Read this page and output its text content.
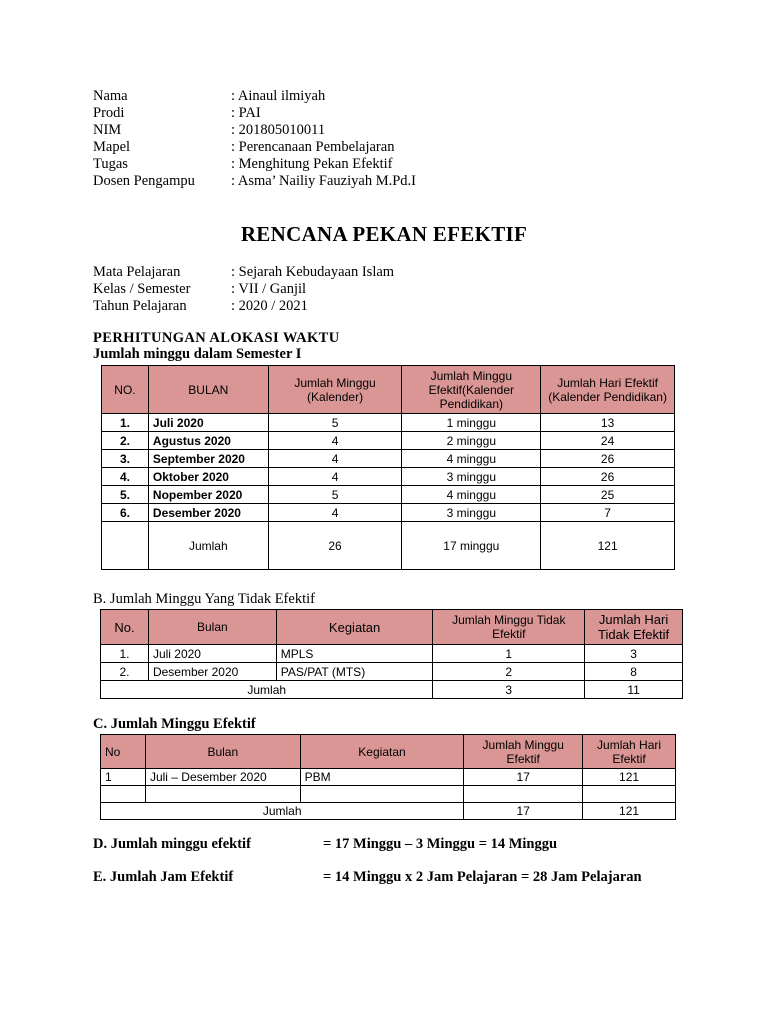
Nama	: Ainaul ilmiyah
Prodi	: PAI
NIM	: 201805010011
Mapel	: Perencanaan Pembelajaran
Tugas	: Menghitung Pekan Efektif
Dosen Pengampu : Asma’ Nailiy Fauziyah M.Pd.I
RENCANA PEKAN EFEKTIF
Mata Pelajaran	: Sejarah Kebudayaan Islam
Kelas / Semester	: VII / Ganjil
Tahun Pelajaran	: 2020 / 2021
PERHITUNGAN ALOKASI WAKTU
Jumlah minggu dalam Semester I
NO.	BULAN	Jumlah Minggu (Kalender)	Jumlah Minggu Efektif(Kalender Pendidikan)	Jumlah Hari Efektif (Kalender Pendidikan)
1.	Juli 2020	5	1 minggu	13
2.	Agustus 2020	4	2 minggu	24
3.	September 2020	4	4 minggu	26
4.	Oktober 2020	4	3 minggu	26
5.	Nopember 2020	5	4 minggu	25
6.	Desember 2020	4	3 minggu	7
	Jumlah	26	17 minggu	121
B. Jumlah Minggu Yang Tidak Efektif
No.	Bulan	Kegiatan	Jumlah Minggu Tidak Efektif	Jumlah Hari Tidak Efektif
1.	Juli 2020	MPLS	1	3
2.	Desember 2020	PAS/PAT (MTS)	2	8
Jumlah			3	11
C. Jumlah Minggu Efektif
No	Bulan	Kegiatan	Jumlah Minggu Efektif	Jumlah Hari Efektif
1	Juli – Desember 2020	PBM	17	121

Jumlah			17	121
D. Jumlah minggu efektif	= 17 Minggu – 3 Minggu = 14 Minggu
E. Jumlah Jam Efektif	= 14 Minggu x 2 Jam Pelajaran = 28 Jam Pelajaran
